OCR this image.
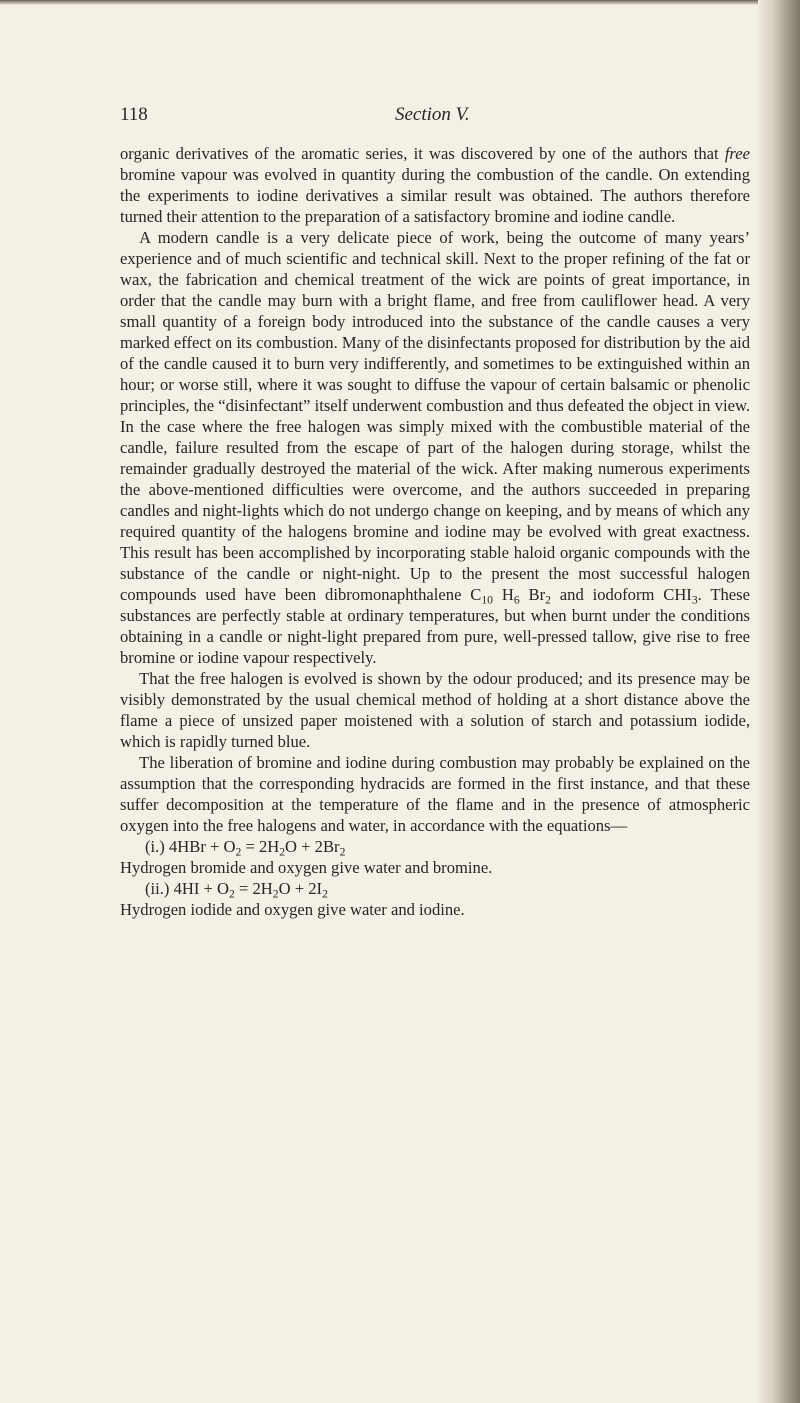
118	Section V.

organic derivatives of the aromatic series, it was discovered by one of the authors that free bromine vapour was evolved in quantity during the combustion of the candle. On extending the experiments to iodine derivatives a similar result was obtained. The authors therefore turned their attention to the preparation of a satisfactory bromine and iodine candle.

A modern candle is a very delicate piece of work, being the outcome of many years’ experience and of much scientific and technical skill. Next to the proper refining of the fat or wax, the fabrication and chemical treatment of the wick are points of great importance, in order that the candle may burn with a bright flame, and free from cauliflower head. A very small quantity of a foreign body introduced into the substance of the candle causes a very marked effect on its combustion. Many of the disinfectants proposed for distribution by the aid of the candle caused it to burn very indifferently, and sometimes to be extinguished within an hour; or worse still, where it was sought to diffuse the vapour of certain balsamic or phenolic principles, the “disinfectant” itself underwent combustion and thus defeated the object in view. In the case where the free halogen was simply mixed with the combustible material of the candle, failure resulted from the escape of part of the halogen during storage, whilst the remainder gradually destroyed the material of the wick. After making numerous experiments the above-mentioned difficulties were overcome, and the authors succeeded in preparing candles and night-lights which do not undergo change on keeping, and by means of which any required quantity of the halogens bromine and iodine may be evolved with great exactness. This result has been accomplished by incorporating stable haloid organic compounds with the substance of the candle or night-night. Up to the present the most successful halogen compounds used have been dibromonaphthalene $C_{10}$ $H_6$ $Br_2$ and iodoform $CHI_3$. These substances are perfectly stable at ordinary temperatures, but when burnt under the conditions obtaining in a candle or night-light prepared from pure, well-pressed tallow, give rise to free bromine or iodine vapour respectively.

That the free halogen is evolved is shown by the odour produced; and its presence may be visibly demonstrated by the usual chemical method of holding at a short distance above the flame a piece of unsized paper moistened with a solution of starch and potassium iodide, which is rapidly turned blue.

The liberation of bromine and iodine during combustion may probably be explained on the assumption that the corresponding hydracids are formed in the first instance, and that these suffer decomposition at the temperature of the flame and in the presence of atmospheric oxygen into the free halogens and water, in accordance with the equations—

(i.) $4HBr + O_2 = 2H_2O + 2Br_2$

Hydrogen bromide and oxygen give water and bromine.

(ii.) $4HI + O_2 = 2H_2O + 2I_2$

Hydrogen iodide and oxygen give water and iodine.
